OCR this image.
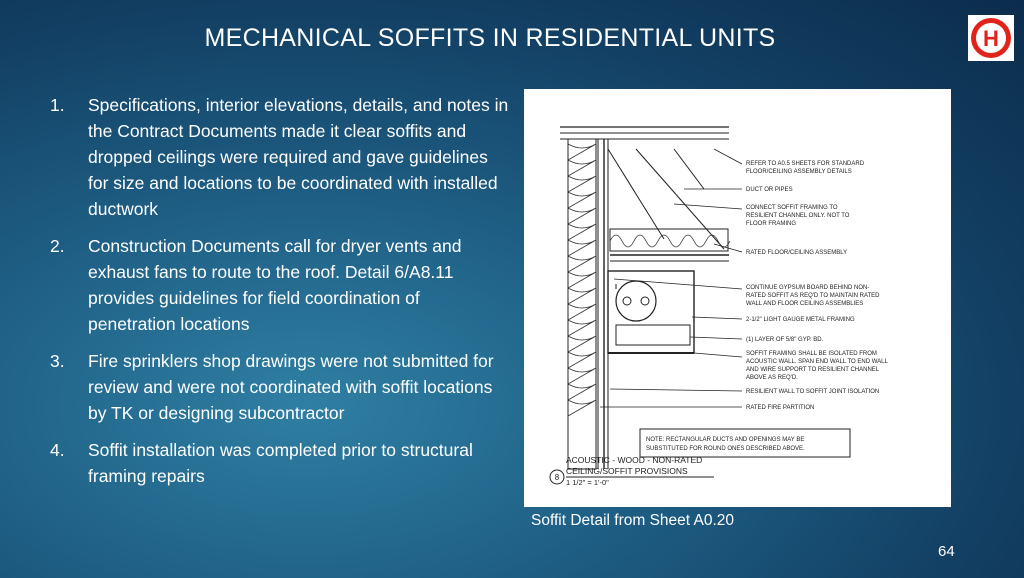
MECHANICAL SOFFITS IN RESIDENTIAL UNITS	H
1.	Specifications, interior elevations, details, and notes in the Contract Documents made it clear soffits and dropped ceilings were required and gave guidelines for size and locations to be coordinated with installed ductwork
2.	Construction Documents call for dryer vents and exhaust fans to route to the roof. Detail 6/A8.11 provides guidelines for field coordination of penetration locations
3.	Fire sprinklers shop drawings were not submitted for review and were not coordinated with soffit locations by TK or designing subcontractor
4.	Soffit installation was completed prior to structural framing repairs
REFER TO A0.5 SHEETS FOR STANDARD
FLOOR/CEILING ASSEMBLY DETAILS
DUCT OR PIPES
CONNECT SOFFIT FRAMING TO
RESILIENT CHANNEL ONLY. NOT TO
FLOOR FRAMING
RATED FLOOR/CEILING ASSEMBLY
CONTINUE GYPSUM BOARD BEHIND NON-
RATED SOFFIT AS REQ'D TO MAINTAIN RATED
WALL AND FLOOR CEILING ASSEMBLIES
2-1/2" LIGHT GAUGE METAL FRAMING
(1) LAYER OF 5/8" GYP. BD.
SOFFIT FRAMING SHALL BE ISOLATED FROM
ACOUSTIC WALL. SPAN END WALL TO END WALL
AND WIRE SUPPORT TO RESILIENT CHANNEL
ABOVE AS REQ'D.
RESILIENT WALL TO SOFFIT JOINT ISOLATION
RATED FIRE PARTITION
NOTE: RECTANGULAR DUCTS AND OPENINGS MAY BE
SUBSTITUTED FOR ROUND ONES DESCRIBED ABOVE.
8
ACOUSTIC - WOOD - NON-RATED
CEILING/SOFFIT PROVISIONS
1 1/2" = 1'-0"
Soffit Detail from Sheet A0.20
64
